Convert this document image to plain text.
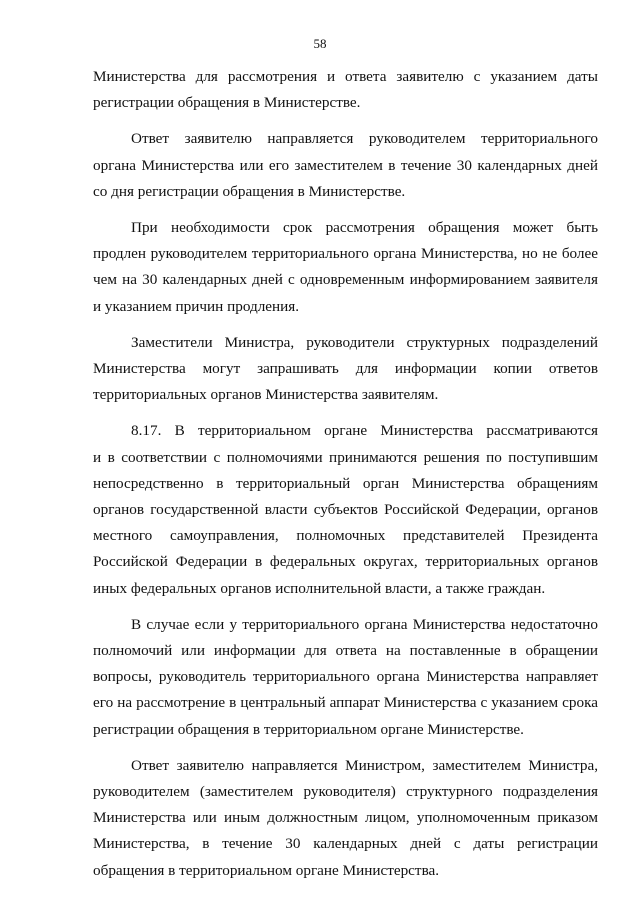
58
Министерства для рассмотрения и ответа заявителю с указанием даты
регистрации обращения в Министерстве.
Ответ заявителю направляется руководителем территориального
органа Министерства или его заместителем в течение 30 календарных дней
со дня регистрации обращения в Министерстве.
При необходимости срок рассмотрения обращения может быть
продлен руководителем территориального органа Министерства, но не более
чем на 30 календарных дней с одновременным информированием заявителя
и указанием причин продления.
Заместители Министра, руководители структурных подразделений
Министерства могут запрашивать для информации копии ответов
территориальных органов Министерства заявителям.
8.17. В территориальном органе Министерства рассматриваются
и в соответствии с полномочиями принимаются решения по поступившим
непосредственно в территориальный орган Министерства обращениям
органов государственной власти субъектов Российской Федерации, органов
местного самоуправления, полномочных представителей Президента
Российской Федерации в федеральных округах, территориальных органов
иных федеральных органов исполнительной власти, а также граждан.
В случае если у территориального органа Министерства недостаточно
полномочий или информации для ответа на поставленные в обращении
вопросы, руководитель территориального органа Министерства направляет
его на рассмотрение в центральный аппарат Министерства с указанием срока
регистрации обращения в территориальном органе Министерстве.
Ответ заявителю направляется Министром, заместителем Министра,
руководителем (заместителем руководителя) структурного подразделения
Министерства или иным должностным лицом, уполномоченным приказом
Министерства, в течение 30 календарных дней с даты регистрации
обращения в территориальном органе Министерства.
